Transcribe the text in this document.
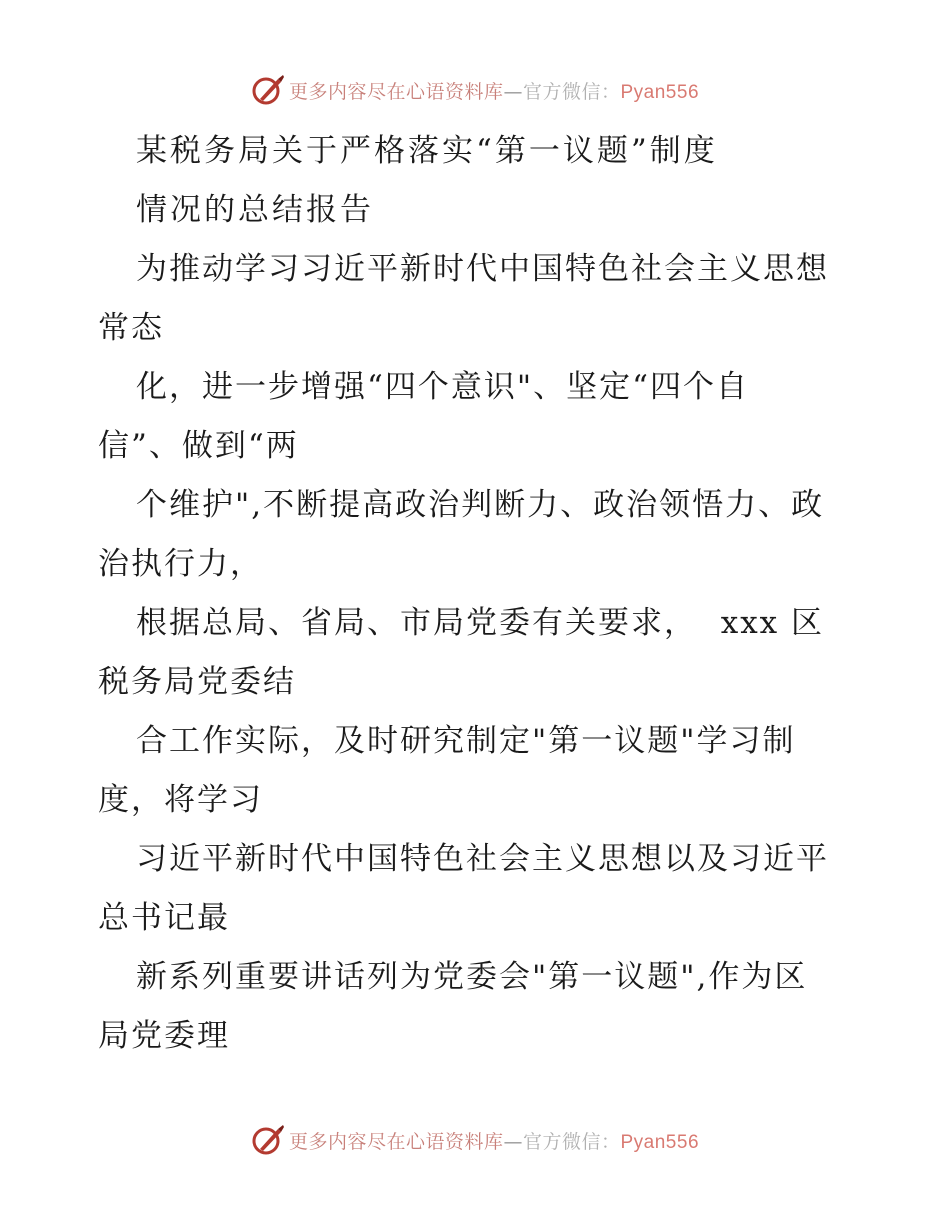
更多内容尽在心语资料库—官方微信：Pyan556
某税务局关于严格落实“第一议题”制度
情况的总结报告
为推动学习习近平新时代中国特色社会主义思想
常态
化，进一步增强“四个意识"、坚定“四个自
信”、做到“两
个维护",不断提高政治判断力、政治领悟力、政
治执行力，
根据总局、省局、市局党委有关要求，  xxx 区
税务局党委结
合工作实际，及时研究制定"第一议题"学习制
度，将学习
习近平新时代中国特色社会主义思想以及习近平
总书记最
新系列重要讲话列为党委会"第一议题",作为区
局党委理
更多内容尽在心语资料库—官方微信：Pyan556
